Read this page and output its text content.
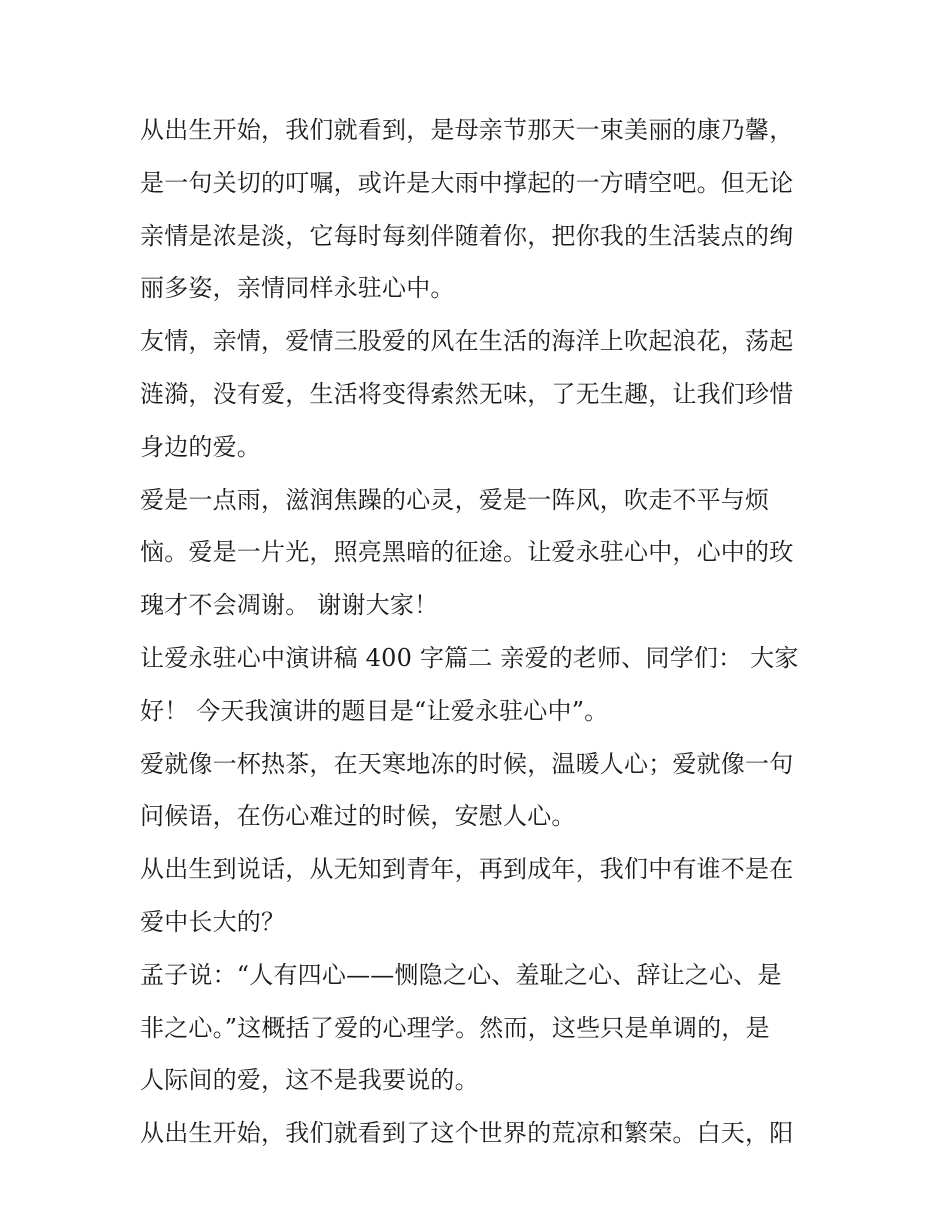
从出生开始，我们就看到，是母亲节那天一束美丽的康乃馨，
是一句关切的叮嘱，或许是大雨中撑起的一方晴空吧。但无论
亲情是浓是淡，它每时每刻伴随着你，把你我的生活装点的绚
丽多姿，亲情同样永驻心中。
友情，亲情，爱情三股爱的风在生活的海洋上吹起浪花，荡起
涟漪，没有爱，生活将变得索然无味，了无生趣，让我们珍惜
身边的爱。
爱是一点雨，滋润焦躁的心灵，爱是一阵风，吹走不平与烦
恼。爱是一片光，照亮黑暗的征途。让爱永驻心中，心中的玫
瑰才不会凋谢。 谢谢大家！
让爱永驻心中演讲稿 400 字篇二 亲爱的老师、同学们： 大家
好！ 今天我演讲的题目是“让爱永驻心中”。
爱就像一杯热茶，在天寒地冻的时候，温暖人心；爱就像一句
问候语，在伤心难过的时候，安慰人心。
从出生到说话，从无知到青年，再到成年，我们中有谁不是在
爱中长大的？
孟子说：“人有四心——恻隐之心、羞耻之心、辞让之心、是
非之心。”这概括了爱的心理学。然而，这些只是单调的，是
人际间的爱，这不是我要说的。
从出生开始，我们就看到了这个世界的荒凉和繁荣。白天，阳
